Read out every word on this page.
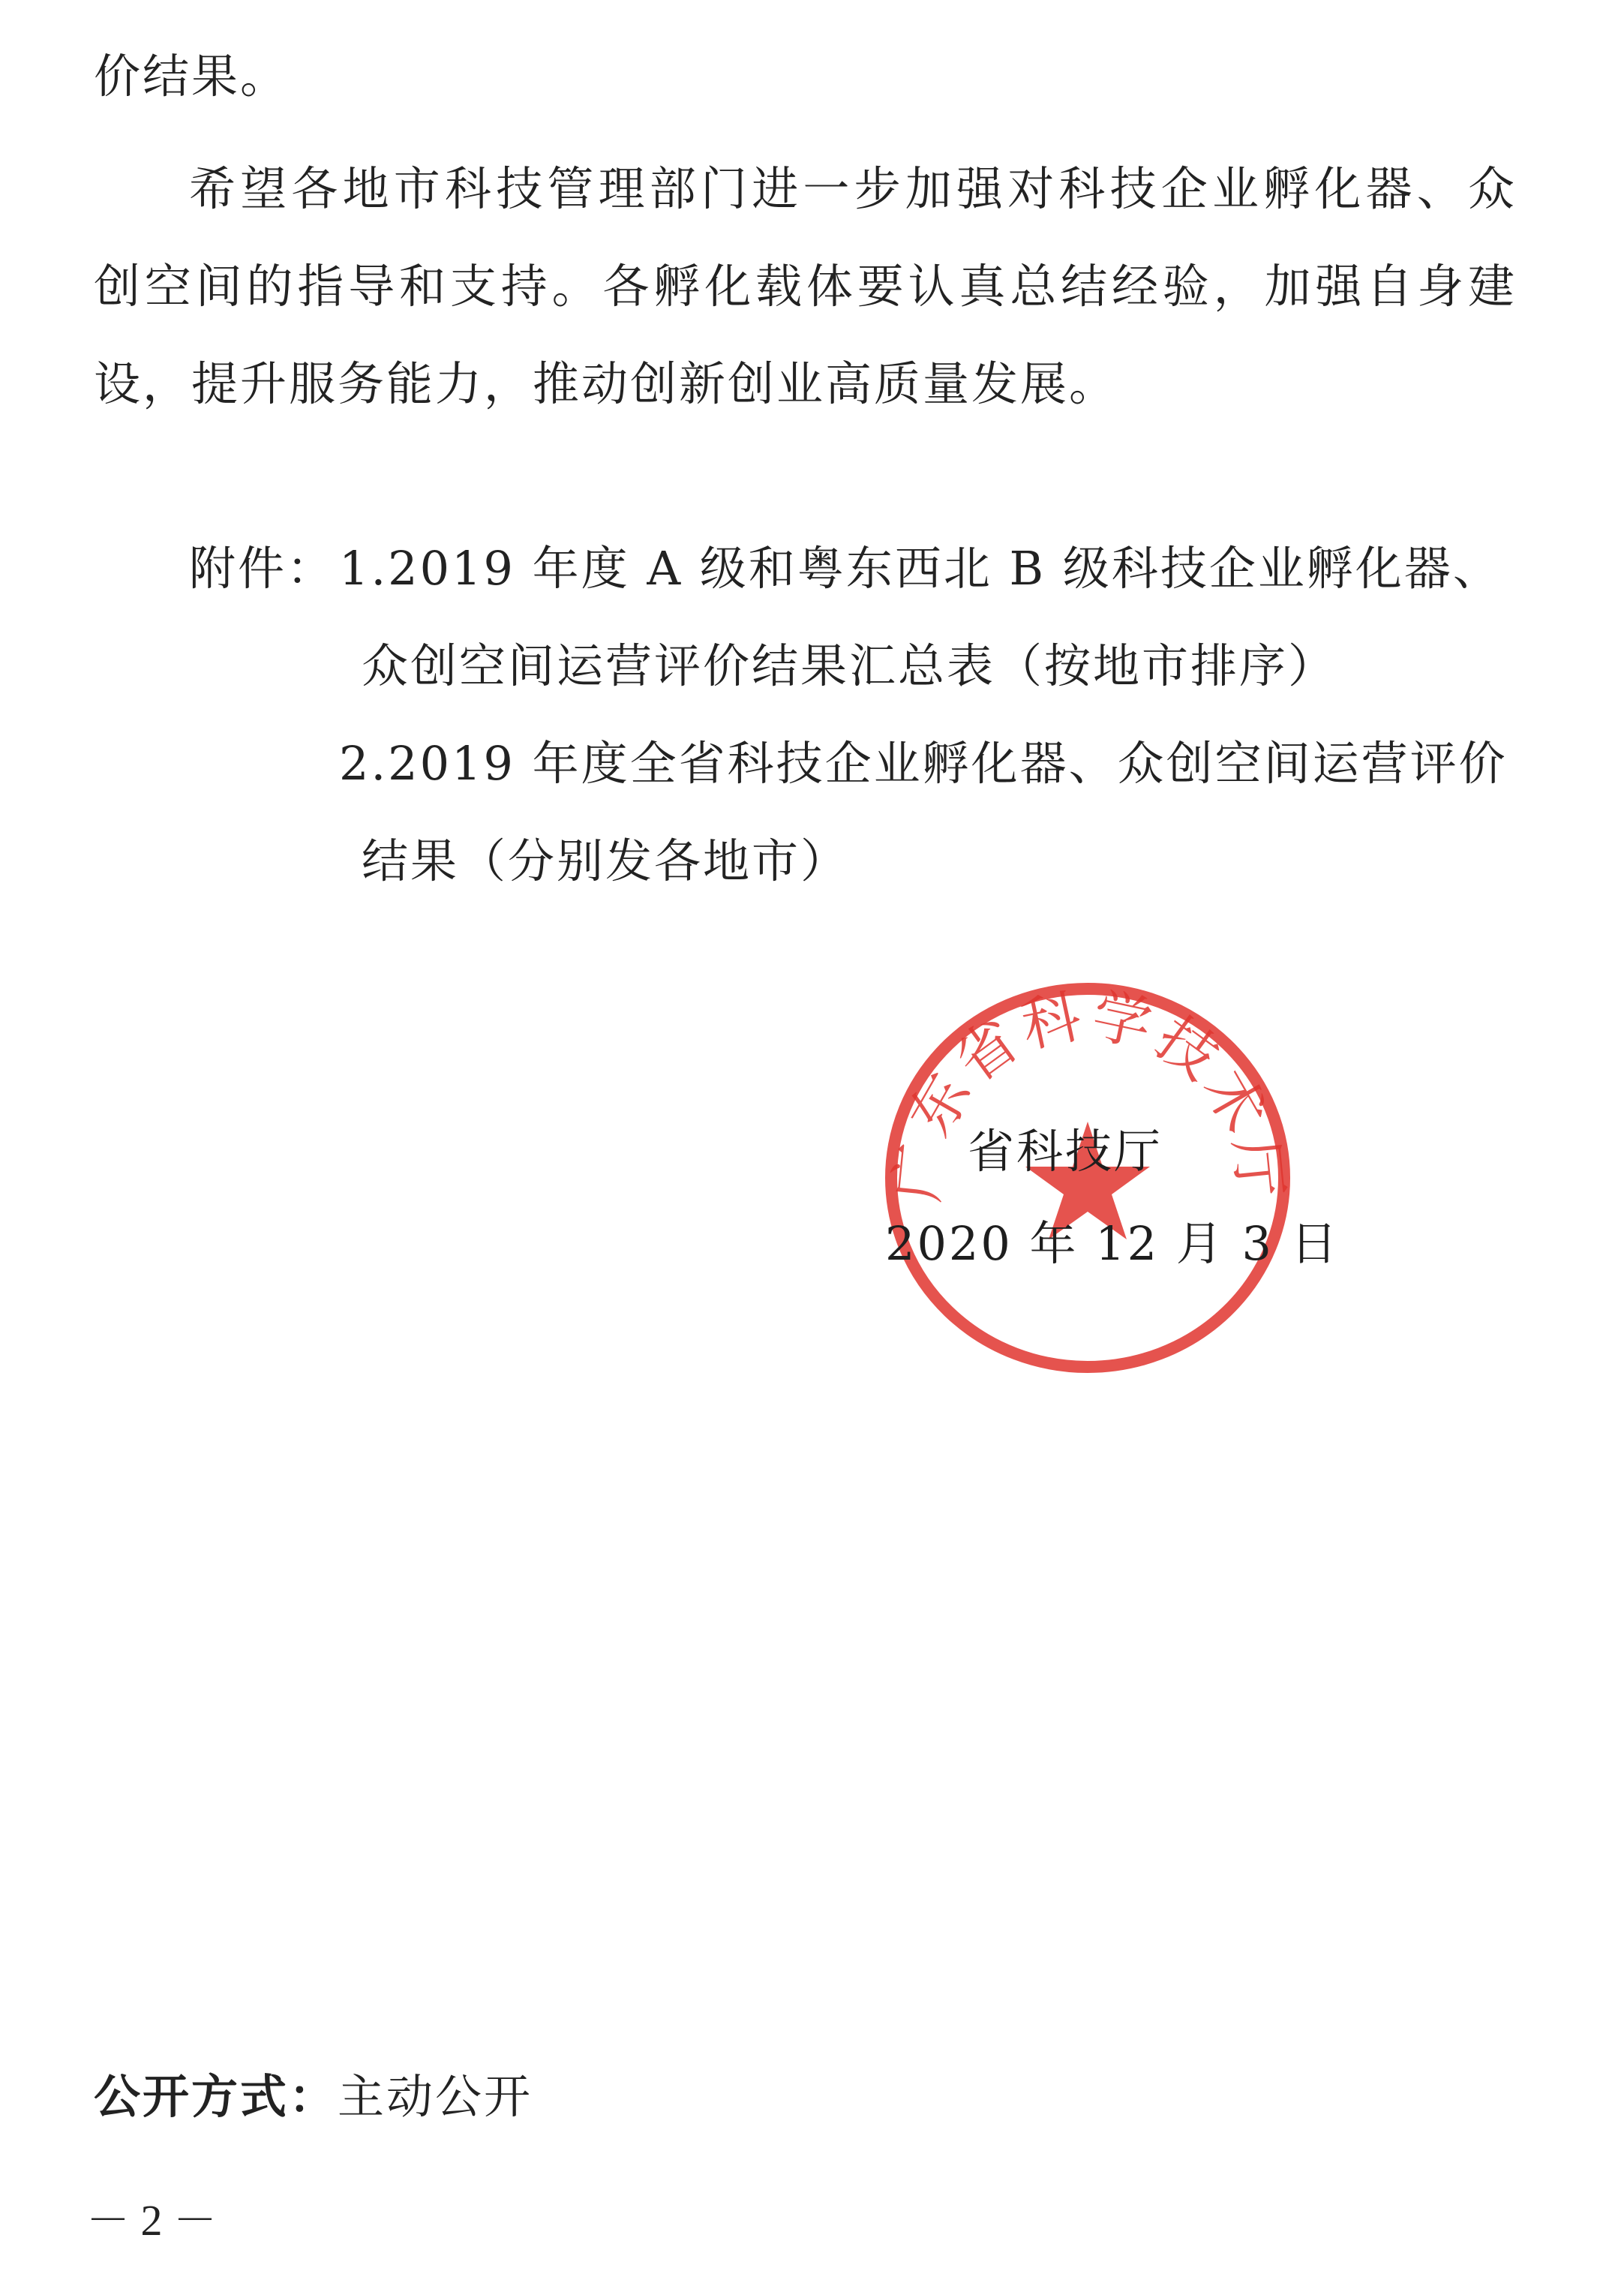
价结果。
希望各地市科技管理部门进一步加强对科技企业孵化器、众
创空间的指导和支持。各孵化载体要认真总结经验，加强自身建
设，提升服务能力，推动创新创业高质量发展。
附件： 1.2019 年度 A 级和粤东西北 B 级科技企业孵化器、
众创空间运营评价结果汇总表（按地市排序）
2.2019 年度全省科技企业孵化器、众创空间运营评价
结果（分别发各地市）
广东省科学技术厅
省科技厅
2020 年 12 月 3 日
公开方式：主动公开
－ 2 －
